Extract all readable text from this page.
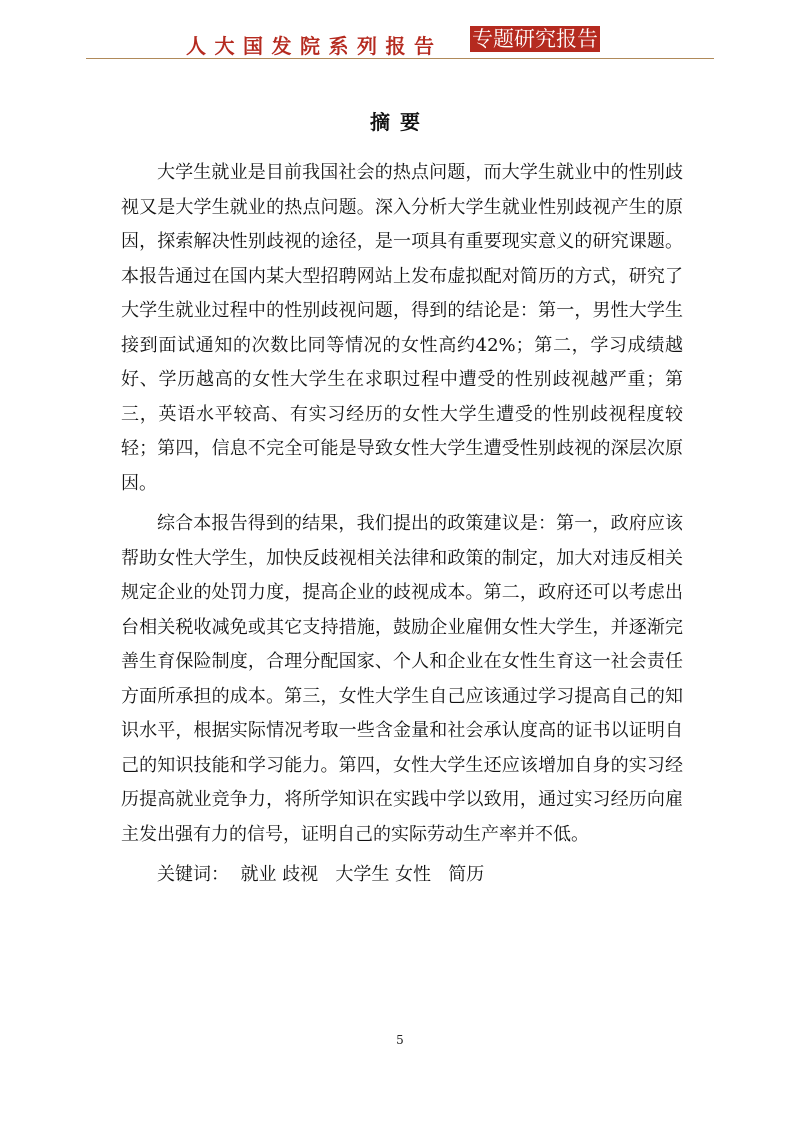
人大国发院系列报告 专题研究报告
摘要

大学生就业是目前我国社会的热点问题，而大学生就业中的性别歧视又是大学生就业的热点问题。深入分析大学生就业性别歧视产生的原因，探索解决性别歧视的途径，是一项具有重要现实意义的研究课题。本报告通过在国内某大型招聘网站上发布虚拟配对简历的方式，研究了大学生就业过程中的性别歧视问题，得到的结论是：第一，男性大学生接到面试通知的次数比同等情况的女性高约42%；第二，学习成绩越好、学历越高的女性大学生在求职过程中遭受的性别歧视越严重；第三，英语水平较高、有实习经历的女性大学生遭受的性别歧视程度较轻；第四，信息不完全可能是导致女性大学生遭受性别歧视的深层次原因。

综合本报告得到的结果，我们提出的政策建议是：第一，政府应该帮助女性大学生，加快反歧视相关法律和政策的制定，加大对违反相关规定企业的处罚力度，提高企业的歧视成本。第二，政府还可以考虑出台相关税收减免或其它支持措施，鼓励企业雇佣女性大学生，并逐渐完善生育保险制度，合理分配国家、个人和企业在女性生育这一社会责任方面所承担的成本。第三，女性大学生自己应该通过学习提高自己的知识水平，根据实际情况考取一些含金量和社会承认度高的证书以证明自己的知识技能和学习能力。第四，女性大学生还应该增加自身的实习经历提高就业竞争力，将所学知识在实践中学以致用，通过实习经历向雇主发出强有力的信号，证明自己的实际劳动生产率并不低。

关键词：  就业 歧视   大学生 女性   简历

5
